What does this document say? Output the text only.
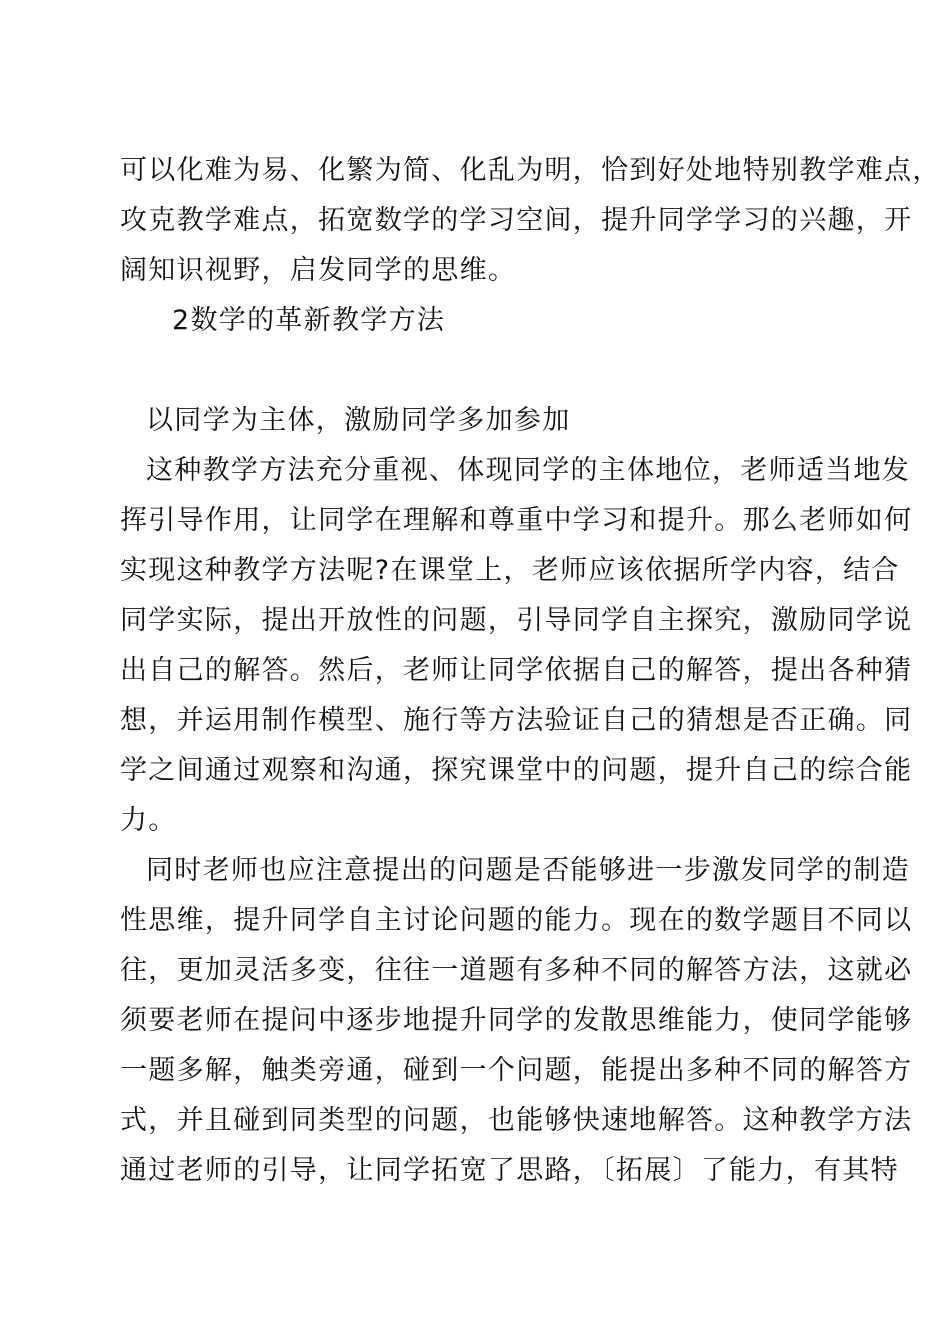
可以化难为易、化繁为简、化乱为明，恰到好处地特别教学难点，
攻克教学难点，拓宽数学的学习空间，提升同学学习的兴趣，开
阔知识视野，启发同学的思维。
2数学的革新教学方法
以同学为主体，激励同学多加参加
这种教学方法充分重视、体现同学的主体地位，老师适当地发
挥引导作用，让同学在理解和尊重中学习和提升。那么老师如何
实现这种教学方法呢?在课堂上，老师应该依据所学内容，结合
同学实际，提出开放性的问题，引导同学自主探究，激励同学说
出自己的解答。然后，老师让同学依据自己的解答，提出各种猜
想，并运用制作模型、施行等方法验证自己的猜想是否正确。同
学之间通过观察和沟通，探究课堂中的问题，提升自己的综合能
力。
同时老师也应注意提出的问题是否能够进一步激发同学的制造
性思维，提升同学自主讨论问题的能力。现在的数学题目不同以
往，更加灵活多变，往往一道题有多种不同的解答方法，这就必
须要老师在提问中逐步地提升同学的发散思维能力，使同学能够
一题多解，触类旁通，碰到一个问题，能提出多种不同的解答方
式，并且碰到同类型的问题，也能够快速地解答。这种教学方法
通过老师的引导，让同学拓宽了思路，〔拓展〕了能力，有其特
